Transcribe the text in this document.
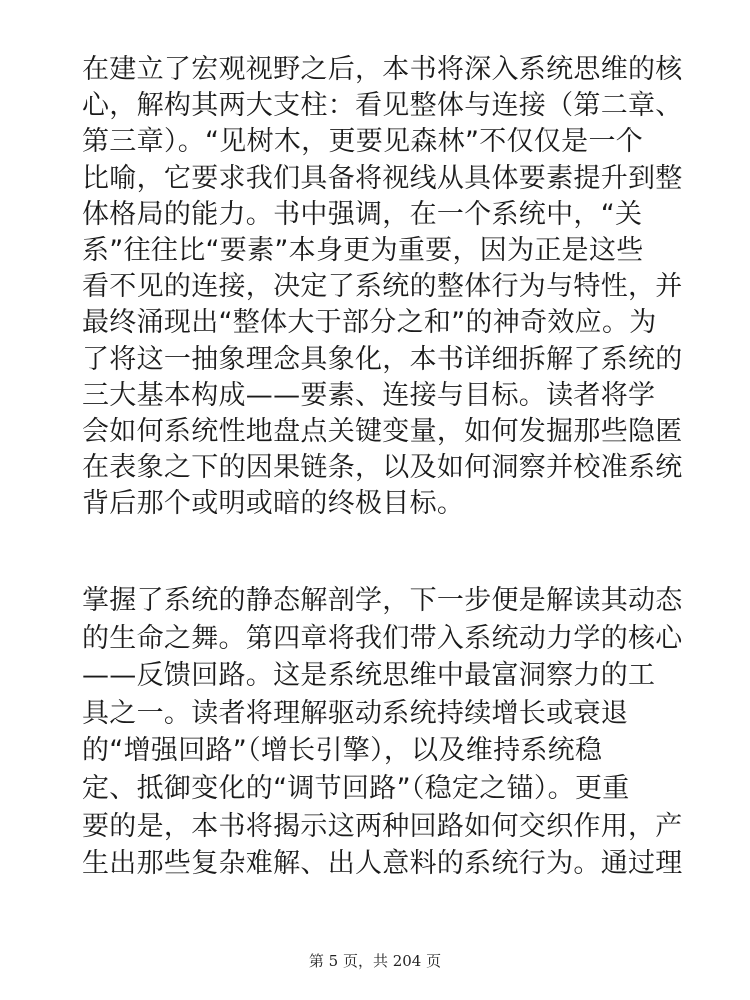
在建立了宏观视野之后，本书将深入系统思维的核
心，解构其两大支柱：看见整体与连接（第二章、
第三章）。“见树木，更要见森林”不仅仅是一个
比喻，它要求我们具备将视线从具体要素提升到整
体格局的能力。书中强调，在一个系统中，“关
系”往往比“要素”本身更为重要，因为正是这些
看不见的连接，决定了系统的整体行为与特性，并
最终涌现出“整体大于部分之和”的神奇效应。为
了将这一抽象理念具象化，本书详细拆解了系统的
三大基本构成——要素、连接与目标。读者将学
会如何系统性地盘点关键变量，如何发掘那些隐匿
在表象之下的因果链条，以及如何洞察并校准系统
背后那个或明或暗的终极目标。
掌握了系统的静态解剖学，下一步便是解读其动态
的生命之舞。第四章将我们带入系统动力学的核心
——反馈回路。这是系统思维中最富洞察力的工
具之一。读者将理解驱动系统持续增长或衰退
的“增强回路”（增长引擎），以及维持系统稳
定、抵御变化的“调节回路”（稳定之锚）。更重
要的是，本书将揭示这两种回路如何交织作用，产
生出那些复杂难解、出人意料的系统行为。通过理
第 5 页，共 204 页
